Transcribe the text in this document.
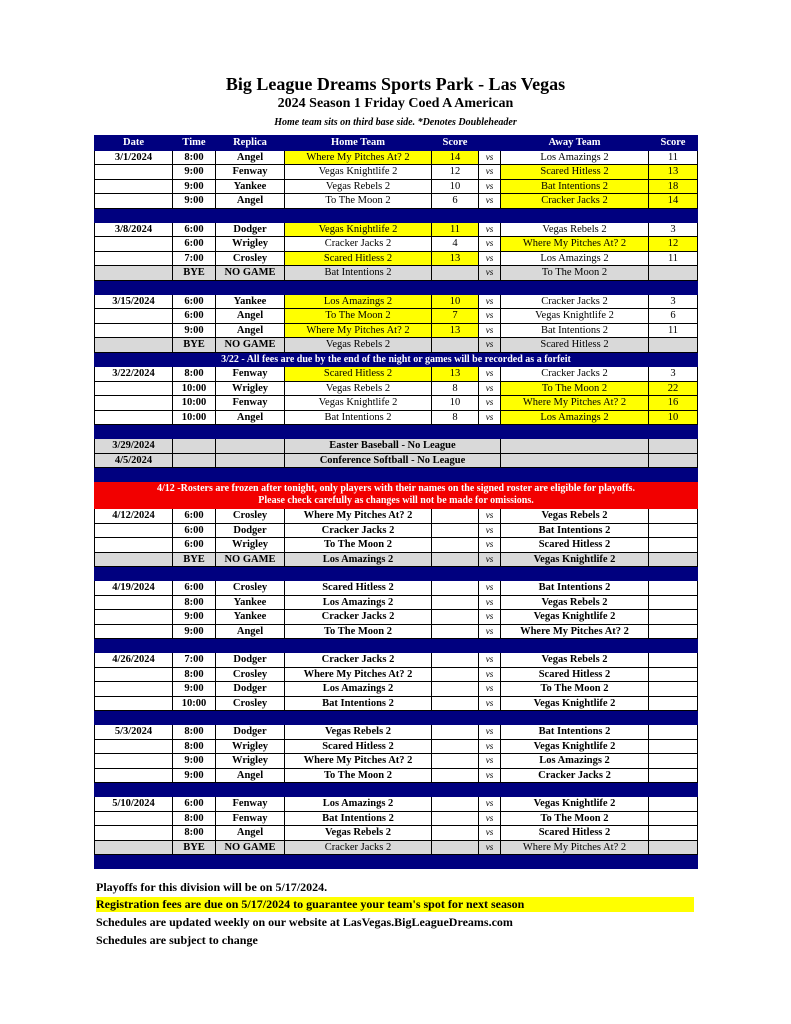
Big League Dreams Sports Park - Las Vegas
2024 Season 1 Friday Coed A American
Home team sits on third base side. *Denotes Doubleheader
Date	Time	Replica	Home Team	Score		Away Team	Score
3/1/2024	8:00	Angel	Where My Pitches At? 2	14	vs	Los Amazings 2	11
	9:00	Fenway	Vegas Knightlife 2	12	vs	Scared Hitless 2	13
	9:00	Yankee	Vegas Rebels 2	10	vs	Bat Intentions 2	18
	9:00	Angel	To The Moon 2	6	vs	Cracker Jacks 2	14

3/8/2024	6:00	Dodger	Vegas Knightlife 2	11	vs	Vegas Rebels 2	3
	6:00	Wrigley	Cracker Jacks 2	4	vs	Where My Pitches At? 2	12
	7:00	Crosley	Scared Hitless 2	13	vs	Los Amazings 2	11
	BYE	NO GAME	Bat Intentions 2		vs	To The Moon 2	

3/15/2024	6:00	Yankee	Los Amazings 2	10	vs	Cracker Jacks 2	3
	6:00	Angel	To The Moon 2	7	vs	Vegas Knightlife 2	6
	9:00	Angel	Where My Pitches At? 2	13	vs	Bat Intentions 2	11
	BYE	NO GAME	Vegas Rebels 2		vs	Scared Hitless 2	
3/22 - All fees are due by the end of the night or games will be recorded as a forfeit							
3/22/2024	8:00	Fenway	Scared Hitless 2	13	vs	Cracker Jacks 2	3
	10:00	Wrigley	Vegas Rebels 2	8	vs	To The Moon 2	22
	10:00	Fenway	Vegas Knightlife 2	10	vs	Where My Pitches At? 2	16
	10:00	Angel	Bat Intentions 2	8	vs	Los Amazings 2	10

3/29/2024			Easter Baseball - No League				
4/5/2024			Conference Softball - No League				

4/12 -Rosters are frozen after tonight, only players with their names on the signed roster are eligible for playoffs.
Please check carefully as changes will not be made for omissions.							

4/12/2024	6:00	Crosley	Where My Pitches At? 2		vs	Vegas Rebels 2	
	6:00	Dodger	Cracker Jacks 2		vs	Bat Intentions 2	
	6:00	Wrigley	To The Moon 2		vs	Scared Hitless 2	
	BYE	NO GAME	Los Amazings 2		vs	Vegas Knightlife 2	

4/19/2024	6:00	Crosley	Scared Hitless 2		vs	Bat Intentions 2	
	8:00	Yankee	Los Amazings 2		vs	Vegas Rebels 2	
	9:00	Yankee	Cracker Jacks 2		vs	Vegas Knightlife 2	
	9:00	Angel	To The Moon 2		vs	Where My Pitches At? 2	

4/26/2024	7:00	Dodger	Cracker Jacks 2		vs	Vegas Rebels 2	
	8:00	Crosley	Where My Pitches At? 2		vs	Scared Hitless 2	
	9:00	Dodger	Los Amazings 2		vs	To The Moon 2	
	10:00	Crosley	Bat Intentions 2		vs	Vegas Knightlife 2	

5/3/2024	8:00	Dodger	Vegas Rebels 2		vs	Bat Intentions 2	
	8:00	Wrigley	Scared Hitless 2		vs	Vegas Knightlife 2	
	9:00	Wrigley	Where My Pitches At? 2		vs	Los Amazings 2	
	9:00	Angel	To The Moon 2		vs	Cracker Jacks 2	

5/10/2024	6:00	Fenway	Los Amazings 2		vs	Vegas Knightlife 2	
	8:00	Fenway	Bat Intentions 2		vs	To The Moon 2	
	8:00	Angel	Vegas Rebels 2		vs	Scared Hitless 2	
	BYE	NO GAME	Cracker Jacks 2		vs	Where My Pitches At? 2	

Playoffs for this division will be on 5/17/2024.
Registration fees are due on 5/17/2024 to guarantee your team's spot for next season
Schedules are updated weekly on our website at LasVegas.BigLeagueDreams.com
Schedules are subject to change
